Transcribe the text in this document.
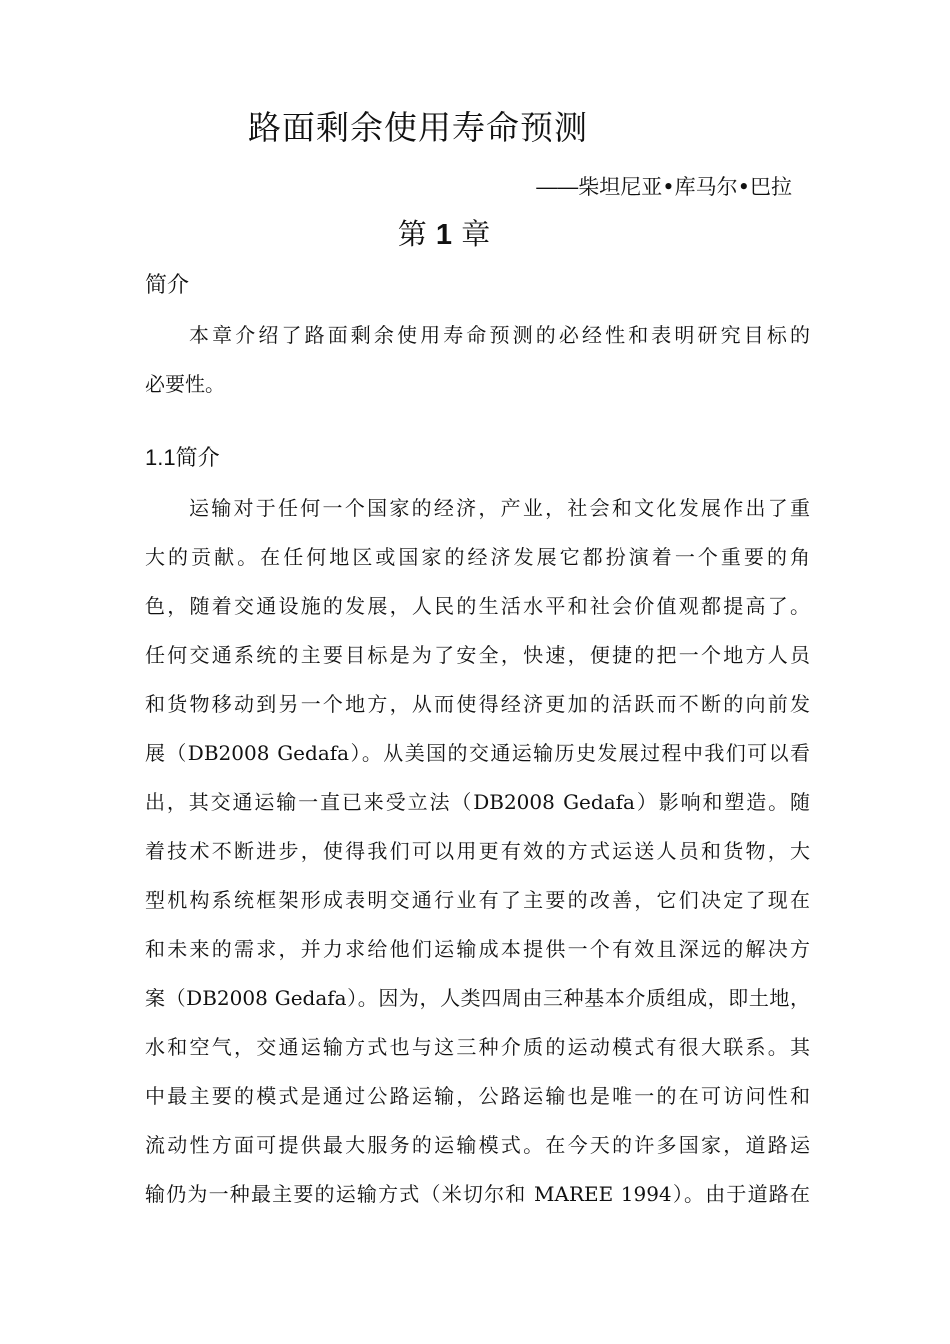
路面剩余使用寿命预测
――柴坦尼亚•库马尔•巴拉
第 1 章
简介
本章介绍了路面剩余使用寿命预测的必经性和表明研究目标的
必要性。
1.1简介
运输对于任何一个国家的经济，产业，社会和文化发展作出了重
大的贡献。在任何地区或国家的经济发展它都扮演着一个重要的角
色，随着交通设施的发展，人民的生活水平和社会价值观都提高了。
任何交通系统的主要目标是为了安全，快速，便捷的把一个地方人员
和货物移动到另一个地方，从而使得经济更加的活跃而不断的向前发
展（DB2008 Gedafa）。从美国的交通运输历史发展过程中我们可以看
出，其交通运输一直已来受立法（DB2008 Gedafa）影响和塑造。随
着技术不断进步，使得我们可以用更有效的方式运送人员和货物，大
型机构系统框架形成表明交通行业有了主要的改善，它们决定了现在
和未来的需求，并力求给他们运输成本提供一个有效且深远的解决方
案（DB2008 Gedafa）。因为，人类四周由三种基本介质组成，即土地，
水和空气，交通运输方式也与这三种介质的运动模式有很大联系。其
中最主要的模式是通过公路运输，公路运输也是唯一的在可访问性和
流动性方面可提供最大服务的运输模式。在今天的许多国家，道路运
输仍为一种最主要的运输方式（米切尔和 MAREE 1994）。由于道路在
